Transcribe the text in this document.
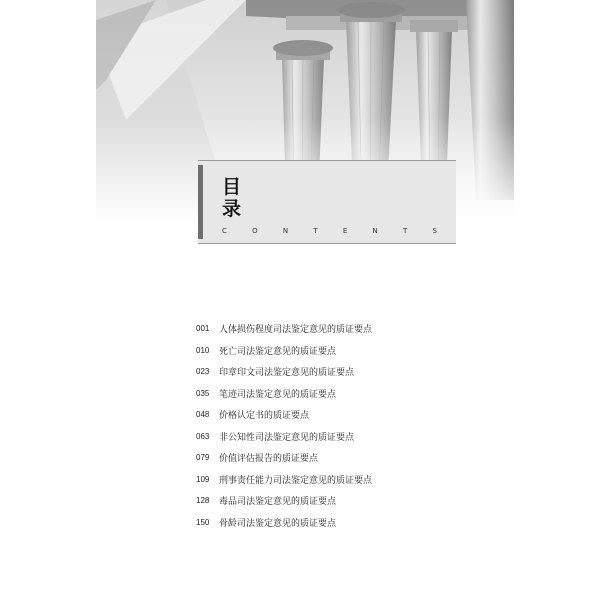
目
录
C	O	N	T	E	N	T	S
001	人体损伤程度司法鉴定意见的质证要点
010	死亡司法鉴定意见的质证要点
023	印章印文司法鉴定意见的质证要点
035	笔迹司法鉴定意见的质证要点
048	价格认定书的质证要点
063	非公知性司法鉴定意见的质证要点
079	价值评估报告的质证要点
109	刑事责任能力司法鉴定意见的质证要点
128	毒品司法鉴定意见的质证要点
150	骨龄司法鉴定意见的质证要点
